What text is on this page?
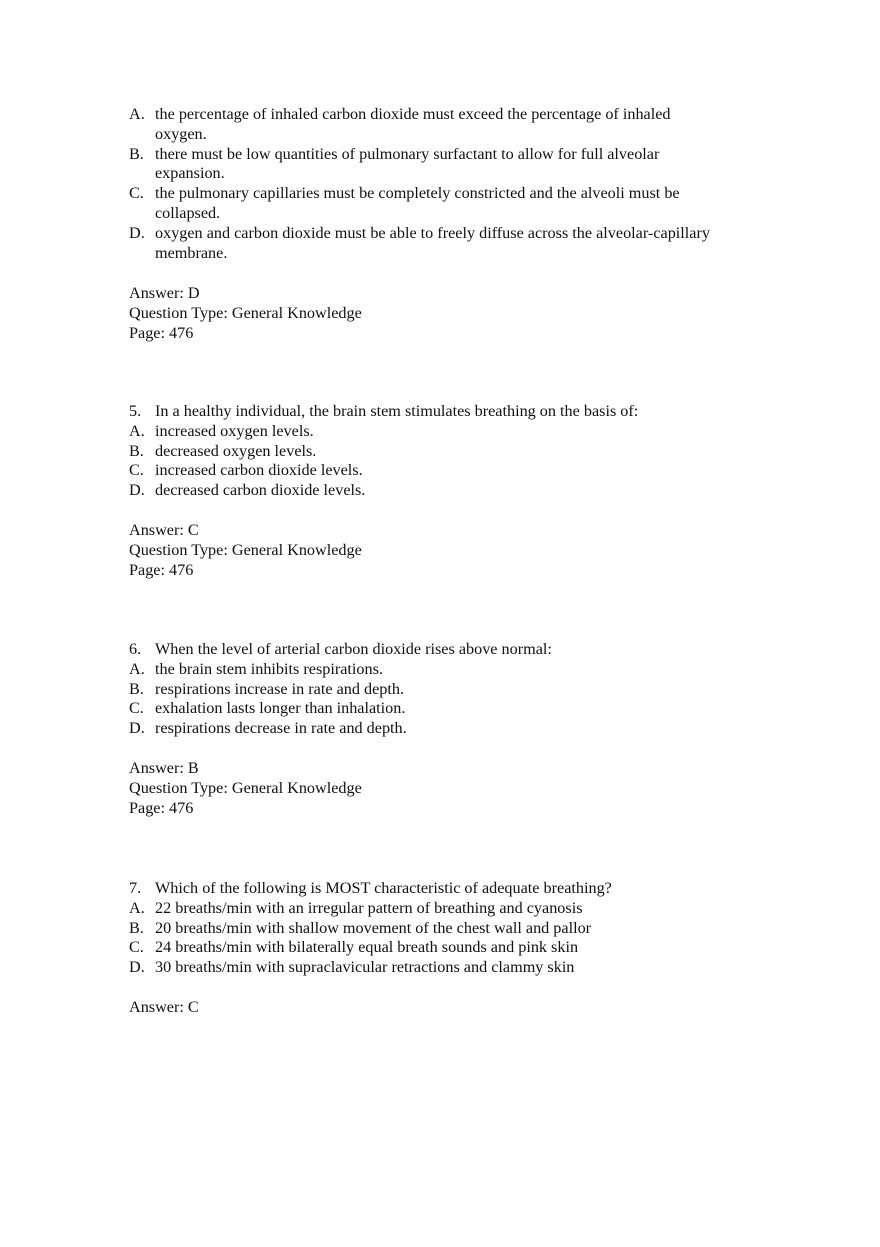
A. the percentage of inhaled carbon dioxide must exceed the percentage of inhaled oxygen.
B. there must be low quantities of pulmonary surfactant to allow for full alveolar expansion.
C. the pulmonary capillaries must be completely constricted and the alveoli must be collapsed.
D. oxygen and carbon dioxide must be able to freely diffuse across the alveolar-capillary membrane.
Answer: D
Question Type: General Knowledge
Page: 476
5. In a healthy individual, the brain stem stimulates breathing on the basis of:
A. increased oxygen levels.
B. decreased oxygen levels.
C. increased carbon dioxide levels.
D. decreased carbon dioxide levels.
Answer: C
Question Type: General Knowledge
Page: 476
6. When the level of arterial carbon dioxide rises above normal:
A. the brain stem inhibits respirations.
B. respirations increase in rate and depth.
C. exhalation lasts longer than inhalation.
D. respirations decrease in rate and depth.
Answer: B
Question Type: General Knowledge
Page: 476
7. Which of the following is MOST characteristic of adequate breathing?
A. 22 breaths/min with an irregular pattern of breathing and cyanosis
B. 20 breaths/min with shallow movement of the chest wall and pallor
C. 24 breaths/min with bilaterally equal breath sounds and pink skin
D. 30 breaths/min with supraclavicular retractions and clammy skin
Answer: C
